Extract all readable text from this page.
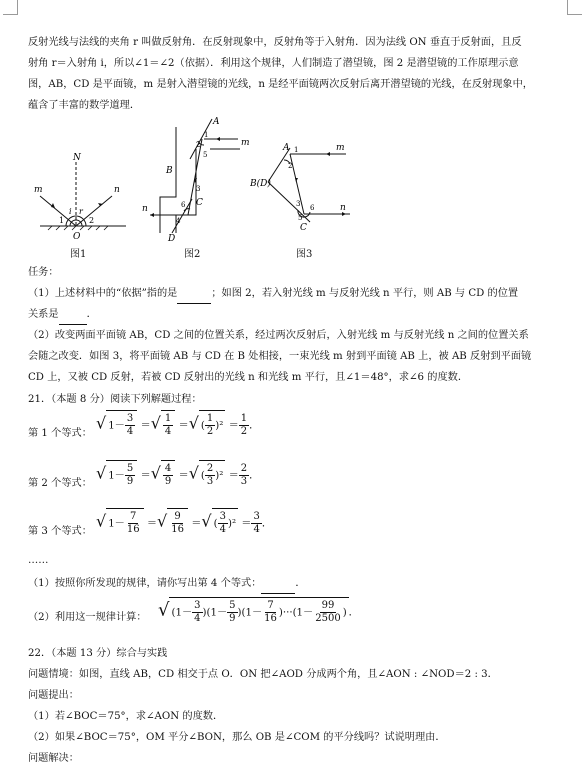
反射光线与法线的夹角 r 叫做反射角．在反射现象中，反射角等于入射角．因为法线 ON 垂直于反射面，且反
射角 r＝入射角 i，所以∠1＝∠2（依据）．利用这个规律，人们制造了潜望镜，图 2 是潜望镜的工作原理示意
图，AB，CD 是平面镜，m 是射入潜望镜的光线，n 是经平面镜两次反射后离开潜望镜的光线，在反射现象中，
蕴含了丰富的数学道理．
N
m	n
i r
1	2
O
图1
A
B
C
D
m
n
1
2
3
4
5
6
图2
A
B(D)
C
m
n
1
2
3
5
6
图3
任务：
（1）上述材料中的“依据”指的是	；如图 2，若入射光线 m 与反射光线 n 平行，则 AB 与 CD 的位置
关系是	．
（2）改变两面平面镜 AB，CD 之间的位置关系，经过两次反射后，入射光线 m 与反射光线 n 之间的位置关系
会随之改变．如图 3，将平面镜 AB 与 CD 在 B 处相接，一束光线 m 射到平面镜 AB 上，被 AB 反射到平面镜
CD 上，又被 CD 反射，若被 CD 反射出的光线 n 和光线 m 平行，且∠1＝48°，求∠6 的度数．
21．（本题 8 分）阅读下列解题过程：
第 1 个等式：
√ $1- \frac{3}{4}$ ＝√ $\frac{1}{4}$ ＝√ ( $\frac{1}{2} )^2 = \frac{1}{2}$ ．
第 2 个等式：
√ $1- \frac{5}{9}$ ＝√ $\frac{4}{9}$ ＝√ ( $\frac{2}{3} )^2 = \frac{2}{3}$ ．
第 3 个等式：
√ $1- \frac{7}{16}$ ＝√ $\frac{9}{16}$ ＝√ ( $\frac{3}{4} )^2 = \frac{3}{4}$ ．
……
（1）按照你所发现的规律，请你写出第 4 个等式：	．
（2）利用这一规律计算： √ $(1- \frac{3}{4} )(1- \frac{5}{9} )(1- \frac{7}{16} )\cdot\cdot\cdot(1- \frac{99}{2500}$ ) ．
22．（本题 13 分）综合与实践
问题情境：如图，直线 AB，CD 相交于点 O．ON 把∠AOD 分成两个角，且∠AON : ∠NOD＝2 : 3．
问题提出：
（1）若∠BOC＝75°，求∠AON 的度数．
（2）如果∠BOC＝75°，OM 平分∠BON，那么 OB 是∠COM 的平分线吗？试说明理由．
问题解决：
